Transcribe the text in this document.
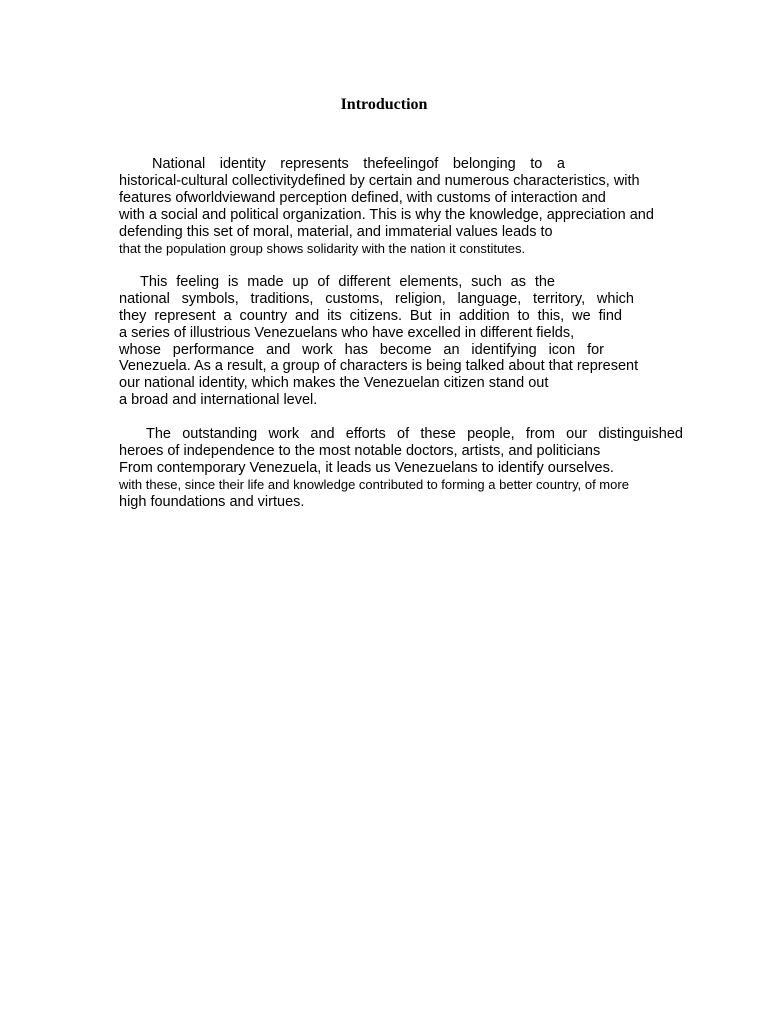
Introduction

National identity represents thefeelingof belonging to a

historical-cultural collectivitydefined by certain and numerous characteristics, with

features ofworldviewand perception defined, with customs of interaction and

with a social and political organization. This is why the knowledge, appreciation and

defending this set of moral, material, and immaterial values leads to

that the population group shows solidarity with the nation it constitutes.

This feeling is made up of different elements, such as the

national symbols, traditions, customs, religion, language, territory, which

they represent a country and its citizens. But in addition to this, we find

a series of illustrious Venezuelans who have excelled in different fields,

whose performance and work has become an identifying icon for

Venezuela. As a result, a group of characters is being talked about that represent

our national identity, which makes the Venezuelan citizen stand out

a broad and international level.

The outstanding work and efforts of these people, from our distinguished

heroes of independence to the most notable doctors, artists, and politicians

From contemporary Venezuela, it leads us Venezuelans to identify ourselves.

with these, since their life and knowledge contributed to forming a better country, of more

high foundations and virtues.
